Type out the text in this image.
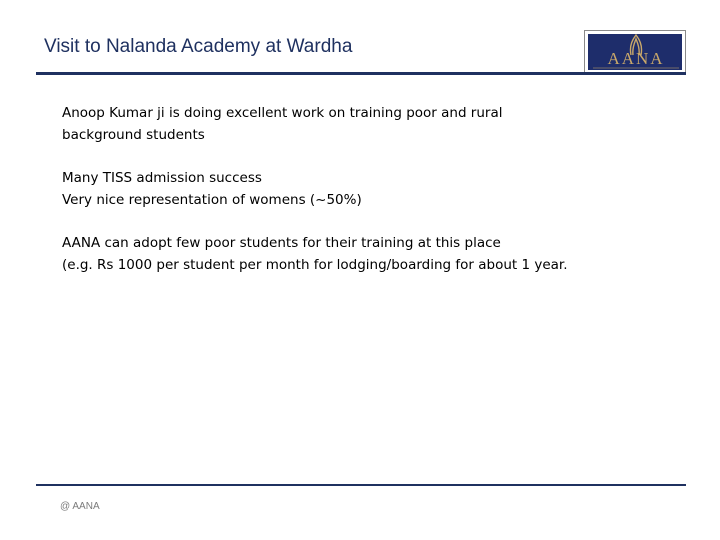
Visit to Nalanda Academy at Wardha
AANA
Anoop Kumar ji is doing excellent work on training poor and rural
background students
Many TISS admission success
Very nice representation of womens (~50%)
AANA can adopt few poor students for their training at this place
(e.g. Rs 1000 per student per month for lodging/boarding for about 1 year.
@ AANA
